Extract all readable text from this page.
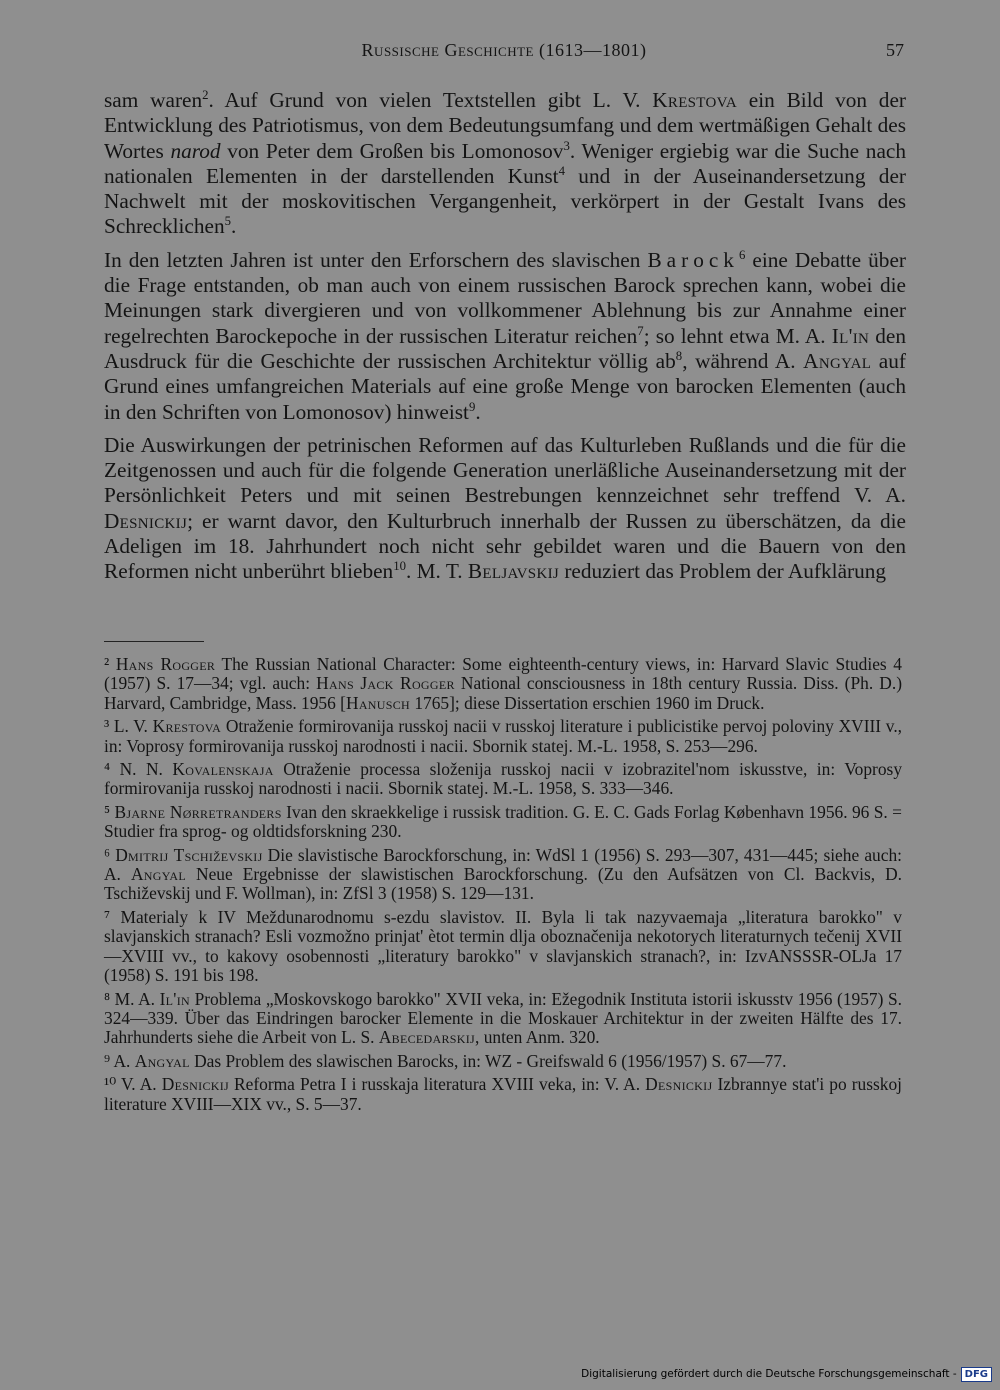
Russische Geschichte (1613—1801)	57

sam waren$^2$. Auf Grund von vielen Textstellen gibt L. V. Krestova ein Bild von der Entwicklung des Patriotismus, von dem Bedeutungsumfang und dem wertmäßigen Gehalt des Wortes narod von Peter dem Großen bis Lomonosov$^3$. Weniger ergiebig war die Suche nach nationalen Elementen in der darstellenden Kunst$^4$ und in der Auseinandersetzung der Nachwelt mit der moskovitischen Vergangenheit, verkörpert in der Gestalt Ivans des Schrecklichen$^5$.

In den letzten Jahren ist unter den Erforschern des slavischen Barock$^6$ eine Debatte über die Frage entstanden, ob man auch von einem russischen Barock sprechen kann, wobei die Meinungen stark divergieren und von vollkommener Ablehnung bis zur Annahme einer regelrechten Barockepoche in der russischen Literatur reichen$^7$; so lehnt etwa M. A. Il'in den Ausdruck für die Geschichte der russischen Architektur völlig $ab^8$, während A. Angyal auf Grund eines umfangreichen Materials auf eine große Menge von barocken Elementen (auch in den Schriften von Lomonosov) hinweist$^9$.

Die Auswirkungen der petrinischen Reformen auf das Kulturleben Rußlands und die für die Zeitgenossen und auch für die folgende Generation unerläßliche Auseinandersetzung mit der Persönlichkeit Peters und mit seinen Bestrebungen kennzeichnet sehr treffend V. A. Desnickij; er warnt davor, den Kulturbruch innerhalb der Russen zu überschätzen, da die Adeligen im 18. Jahrhundert noch nicht sehr gebildet waren und die Bauern von den Reformen nicht unberührt blieben$^{10}$. M. T. Beljavskij reduziert das Problem der Aufklärung

² Hans Rogger The Russian National Character: Some eighteenth-century views, in: Harvard Slavic Studies 4 (1957) S. 17—34; vgl. auch: Hans Jack Rogger National consciousness in 18th century Russia. Diss. (Ph. D.) Harvard, Cambridge, Mass. 1956 [Hanusch 1765]; diese Dissertation erschien 1960 im Druck.
³ L. V. Krestova Otraženie formirovanija russkoj nacii v russkoj literature i publicistike pervoj poloviny XVIII v., in: Voprosy formirovanija russkoj narodnosti i nacii. Sbornik statej. M.-L. 1958, S. 253—296.
⁴ N. N. Kovalenskaja Otraženie processa složenija russkoj nacii v izobrazitel'nom iskusstve, in: Voprosy formirovanija russkoj narodnosti i nacii. Sbornik statej. M.-L. 1958, S. 333—346.
⁵ Bjarne Nørretranders Ivan den skraekkelige i russisk tradition. G. E. C. Gads Forlag København 1956. 96 S. = Studier fra sprog- og oldtidsforskning 230.
⁶ Dmitrij Tschiževskij Die slavistische Barockforschung, in: WdSl 1 (1956) S. 293—307, 431—445; siehe auch: A. Angyal Neue Ergebnisse der slawistischen Barockforschung. (Zu den Aufsätzen von Cl. Backvis, D. Tschiževskij und F. Wollman), in: ZfSl 3 (1958) S. 129—131.
⁷ Materialy k IV Meždunarodnomu s-ezdu slavistov. II. Byla li tak nazyvaemaja „literatura barokko" v slavjanskich stranach? Esli vozmožno prinjat' ètot termin dlja oboznačenija nekotorych literaturnych tečenij XVII—XVIII vv., to kakovy osobennosti „literatury barokko" v slavjanskich stranach?, in: IzvANSSSR-OLJa 17 (1958) S. 191 bis 198.
⁸ M. A. Il'in Problema „Moskovskogo barokko" XVII veka, in: Ežegodnik Instituta istorii iskusstv 1956 (1957) S. 324—339. Über das Eindringen barocker Elemente in die Moskauer Architektur in der zweiten Hälfte des 17. Jahrhunderts siehe die Arbeit von L. S. Abecedarskij, unten Anm. 320.
⁹ A. Angyal Das Problem des slawischen Barocks, in: WZ - Greifswald 6 (1956/1957) S. 67—77.
¹⁰ V. A. Desnickij Reforma Petra I i russkaja literatura XVIII veka, in: V. A. Desnickij Izbrannye stat'i po russkoj literature XVIII—XIX vv., S. 5—37.
Digitalisierung gefördert durch die Deutsche Forschungsgemeinschaft - DFG
